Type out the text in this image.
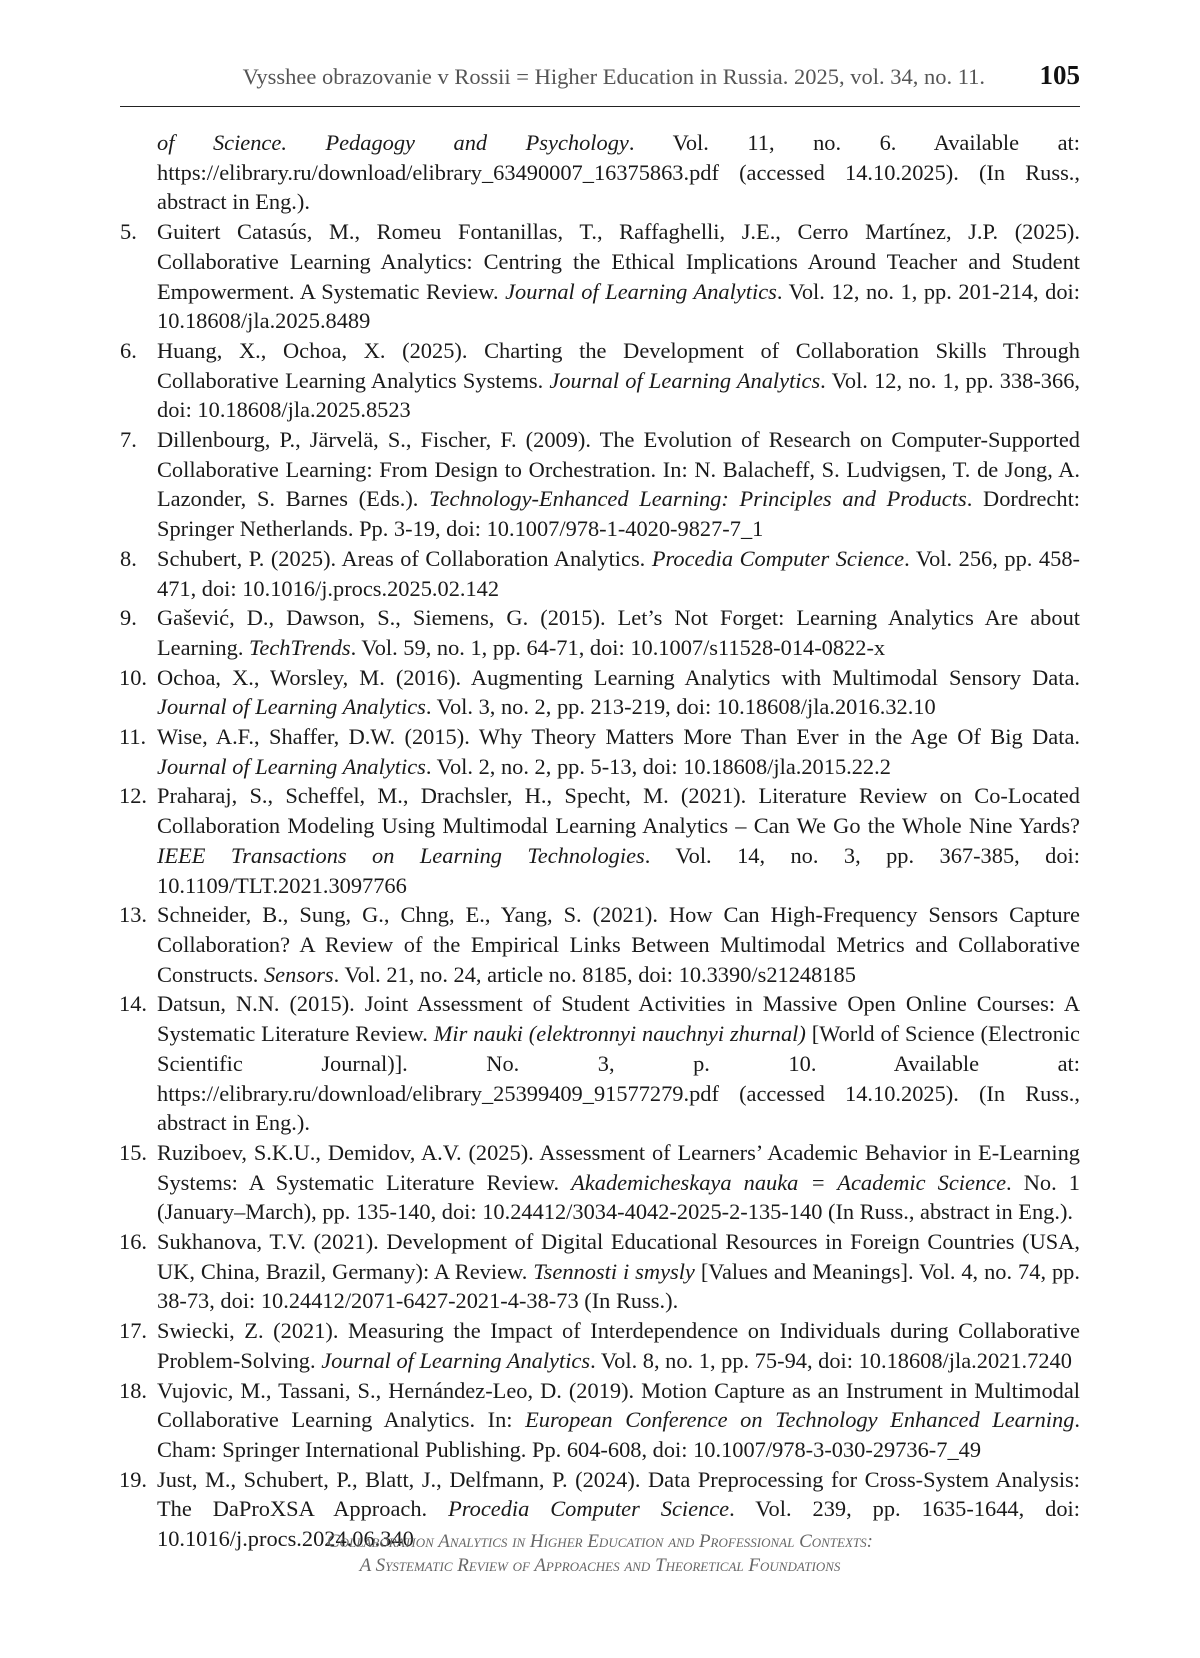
Vysshee obrazovanie v Rossii = Higher Education in Russia. 2025, vol. 34, no. 11. 105
of Science. Pedagogy and Psychology. Vol. 11, no. 6. Available at: https://elibrary.ru/download/elibrary_63490007_16375863.pdf (accessed 14.10.2025). (In Russ., abstract in Eng.).
5. Guitert Catasús, M., Romeu Fontanillas, T., Raffaghelli, J.E., Cerro Martínez, J.P. (2025). Collaborative Learning Analytics: Centring the Ethical Implications Around Teacher and Student Empowerment. A Systematic Review. Journal of Learning Analytics. Vol. 12, no. 1, pp. 201-214, doi: 10.18608/jla.2025.8489
6. Huang, X., Ochoa, X. (2025). Charting the Development of Collaboration Skills Through Collaborative Learning Analytics Systems. Journal of Learning Analytics. Vol. 12, no. 1, pp. 338-366, doi: 10.18608/jla.2025.8523
7. Dillenbourg, P., Järvelä, S., Fischer, F. (2009). The Evolution of Research on Computer-Supported Collaborative Learning: From Design to Orchestration. In: N. Balacheff, S. Ludvigsen, T. de Jong, A. Lazonder, S. Barnes (Eds.). Technology-Enhanced Learning: Principles and Products. Dordrecht: Springer Netherlands. Pp. 3-19, doi: 10.1007/978-1-4020-9827-7_1
8. Schubert, P. (2025). Areas of Collaboration Analytics. Procedia Computer Science. Vol. 256, pp. 458-471, doi: 10.1016/j.procs.2025.02.142
9. Gašević, D., Dawson, S., Siemens, G. (2015). Let’s Not Forget: Learning Analytics Are about Learning. TechTrends. Vol. 59, no. 1, pp. 64-71, doi: 10.1007/s11528-014-0822-x
10. Ochoa, X., Worsley, M. (2016). Augmenting Learning Analytics with Multimodal Sensory Data. Journal of Learning Analytics. Vol. 3, no. 2, pp. 213-219, doi: 10.18608/jla.2016.32.10
11. Wise, A.F., Shaffer, D.W. (2015). Why Theory Matters More Than Ever in the Age Of Big Data. Journal of Learning Analytics. Vol. 2, no. 2, pp. 5-13, doi: 10.18608/jla.2015.22.2
12. Praharaj, S., Scheffel, M., Drachsler, H., Specht, M. (2021). Literature Review on Co-Located Collaboration Modeling Using Multimodal Learning Analytics – Can We Go the Whole Nine Yards? IEEE Transactions on Learning Technologies. Vol. 14, no. 3, pp. 367-385, doi: 10.1109/TLT.2021.3097766
13. Schneider, B., Sung, G., Chng, E., Yang, S. (2021). How Can High-Frequency Sensors Capture Collaboration? A Review of the Empirical Links Between Multimodal Metrics and Collaborative Constructs. Sensors. Vol. 21, no. 24, article no. 8185, doi: 10.3390/s21248185
14. Datsun, N.N. (2015). Joint Assessment of Student Activities in Massive Open Online Courses: A Systematic Literature Review. Mir nauki (elektronnyi nauchnyi zhurnal) [World of Science (Electronic Scientific Journal)]. No. 3, p. 10. Available at: https://elibrary.ru/download/elibrary_25399409_91577279.pdf (accessed 14.10.2025). (In Russ., abstract in Eng.).
15. Ruziboev, S.K.U., Demidov, A.V. (2025). Assessment of Learners’ Academic Behavior in E-Learning Systems: A Systematic Literature Review. Akademicheskaya nauka = Academic Science. No. 1 (January–March), pp. 135-140, doi: 10.24412/3034-4042-2025-2-135-140 (In Russ., abstract in Eng.).
16. Sukhanova, T.V. (2021). Development of Digital Educational Resources in Foreign Countries (USA, UK, China, Brazil, Germany): A Review. Tsennosti i smysly [Values and Meanings]. Vol. 4, no. 74, pp. 38-73, doi: 10.24412/2071-6427-2021-4-38-73 (In Russ.).
17. Swiecki, Z. (2021). Measuring the Impact of Interdependence on Individuals during Collaborative Problem-Solving. Journal of Learning Analytics. Vol. 8, no. 1, pp. 75-94, doi: 10.18608/jla.2021.7240
18. Vujovic, M., Tassani, S., Hernández-Leo, D. (2019). Motion Capture as an Instrument in Multimodal Collaborative Learning Analytics. In: European Conference on Technology Enhanced Learning. Cham: Springer International Publishing. Pp. 604-608, doi: 10.1007/978-3-030-29736-7_49
19. Just, M., Schubert, P., Blatt, J., Delfmann, P. (2024). Data Preprocessing for Cross-System Analysis: The DaProXSA Approach. Procedia Computer Science. Vol. 239, pp. 1635-1644, doi: 10.1016/j.procs.2024.06.340
Collaboration Analytics in Higher Education and Professional Contexts:
A Systematic Review of Approaches and Theoretical Foundations
